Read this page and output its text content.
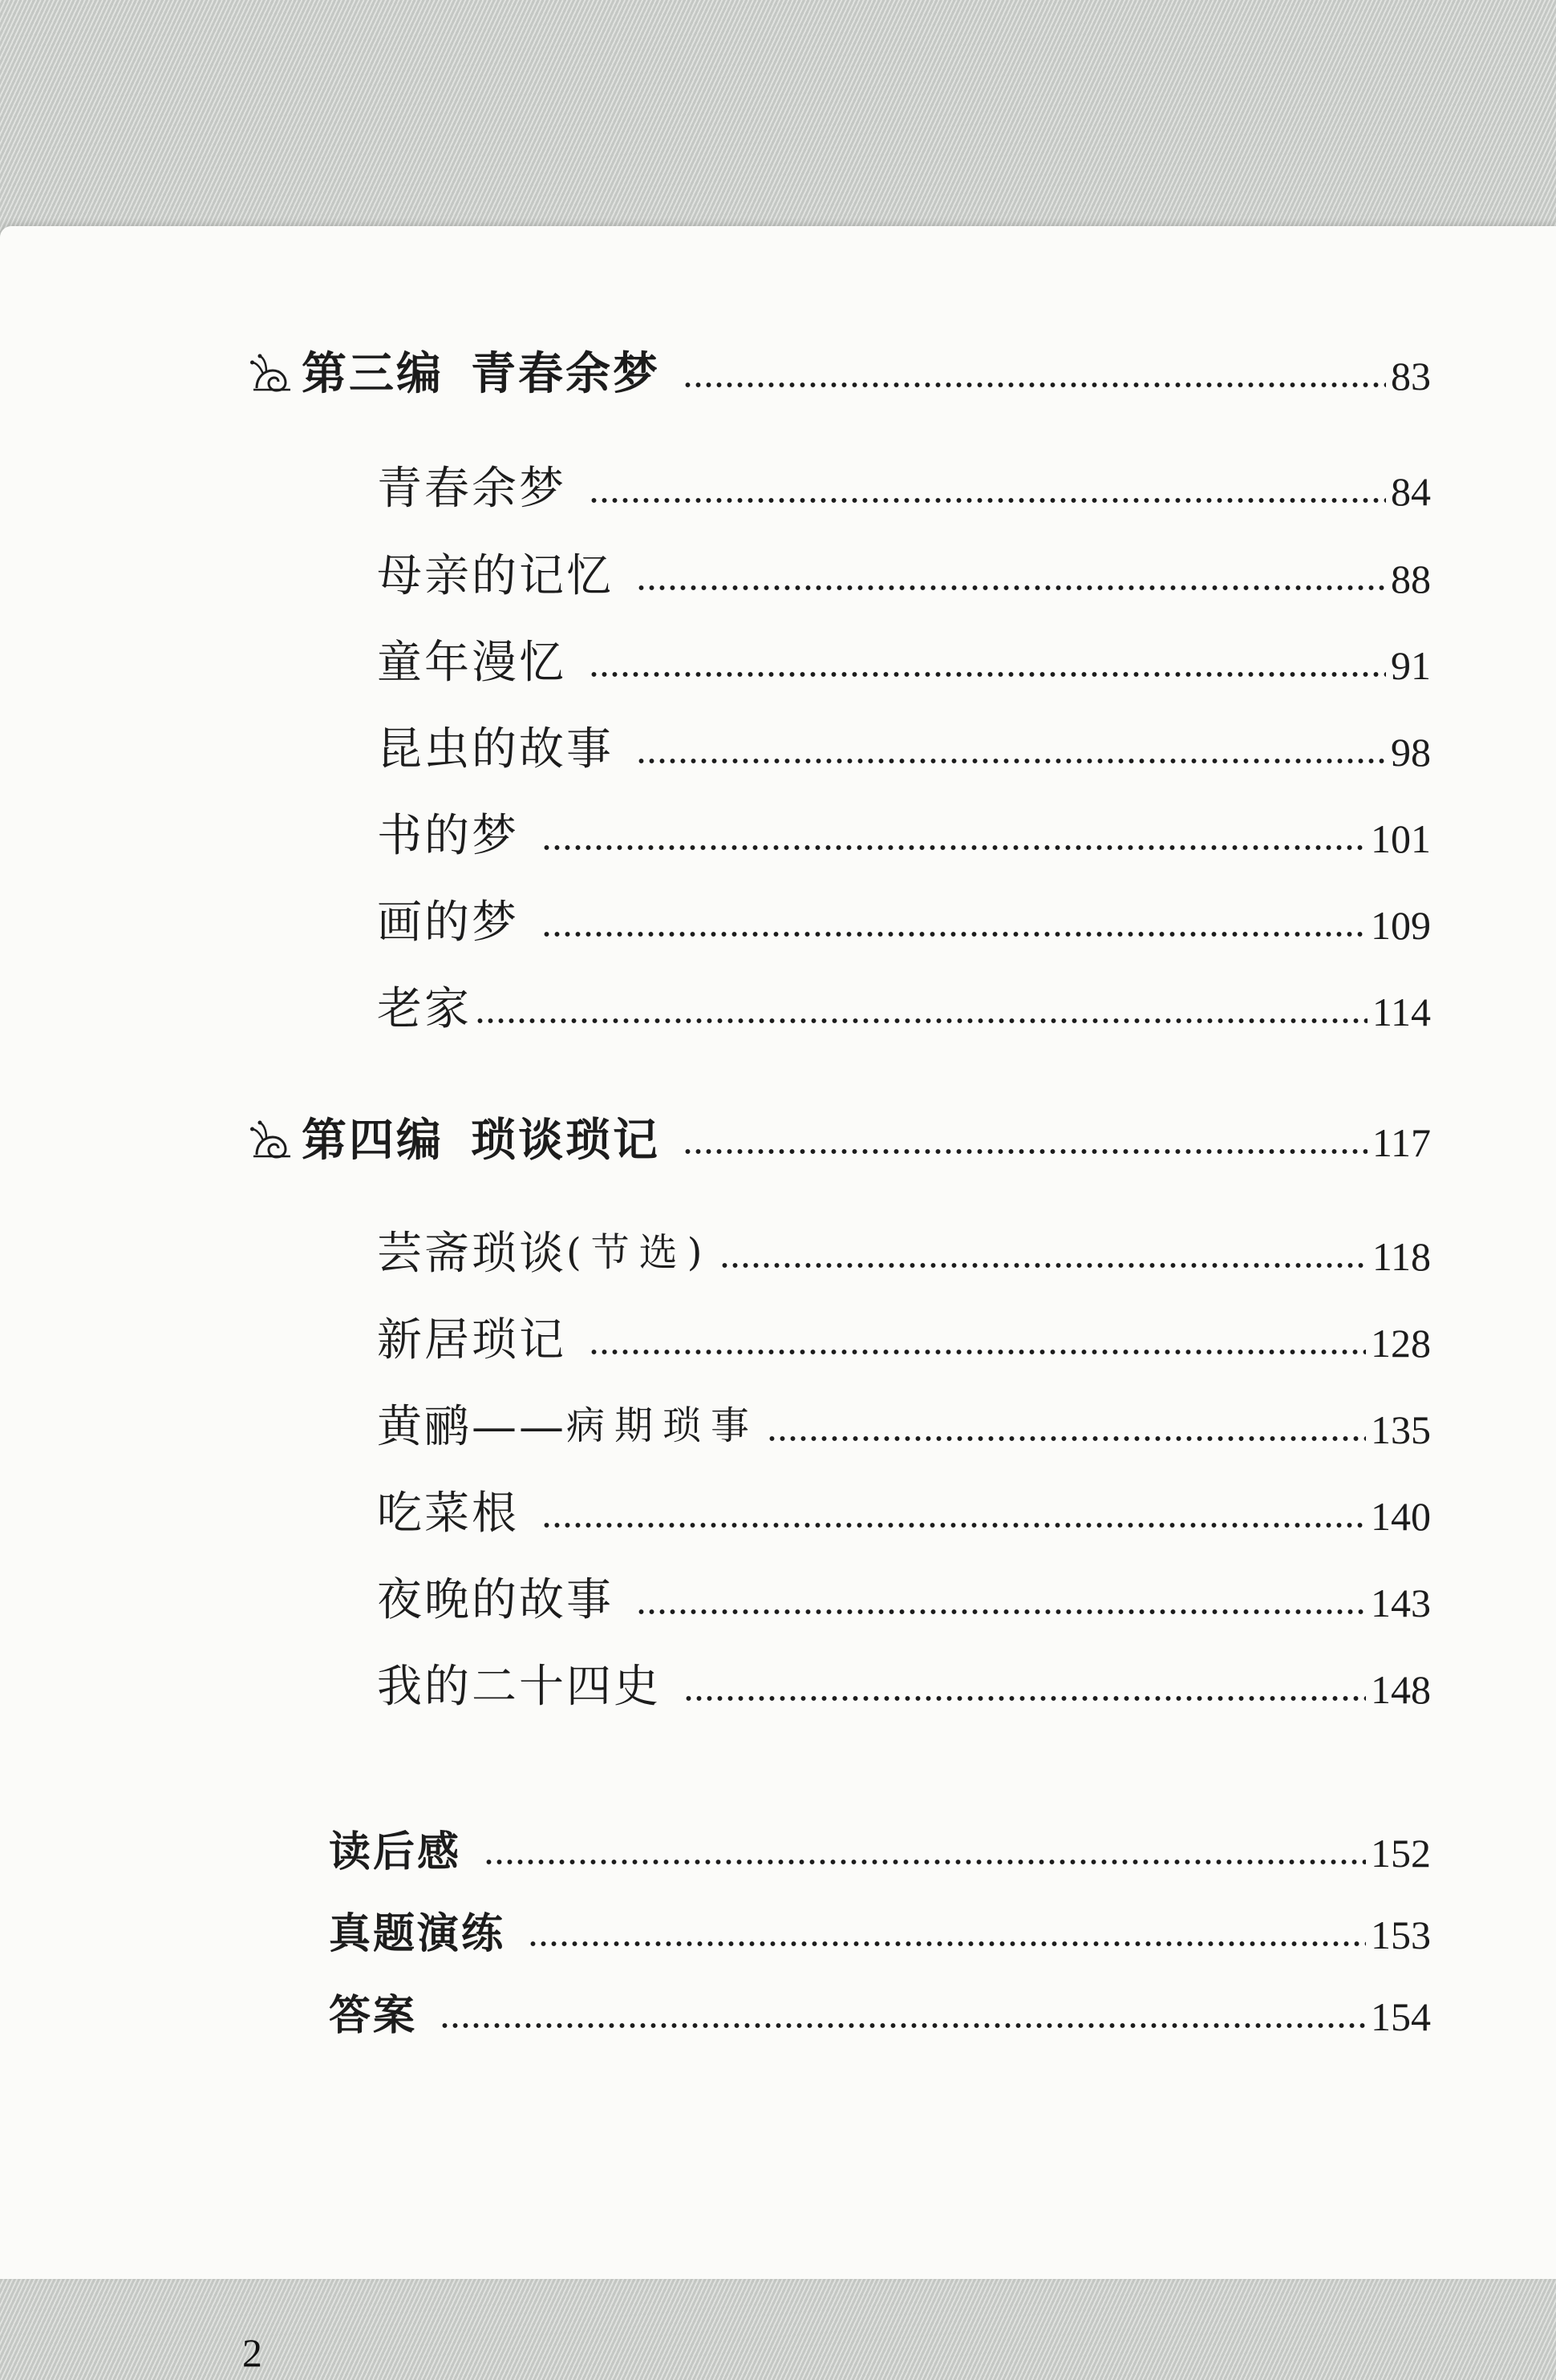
第三编 青春余梦	83
青春余梦	84
母亲的记忆	88
童年漫忆	91
昆虫的故事	98
书的梦	101
画的梦	109
老家	114
第四编 琐谈琐记	117
芸斋琐谈 (节选)	118
新居琐记	128
黄鹂—— 病期琐事	135
吃菜根	140
夜晚的故事	143
我的二十四史	148
读后感	152
真题演练	153
答案	154
2
